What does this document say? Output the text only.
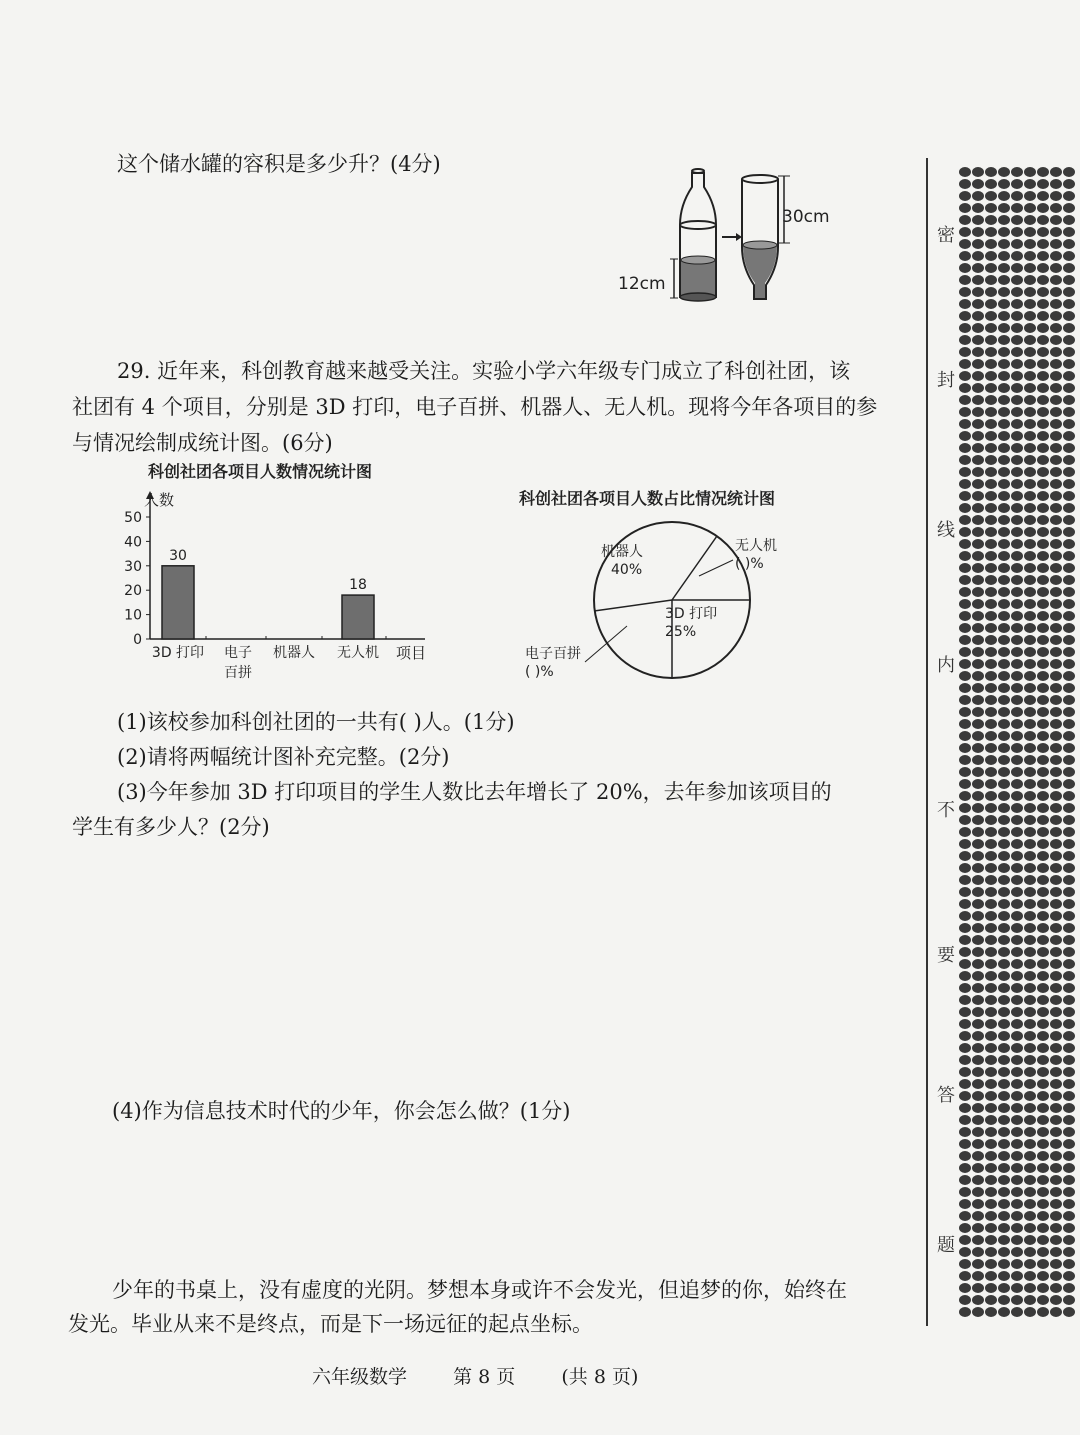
这个储水罐的容积是多少升？(4分)
12cm
30cm
29. 近年来，科创教育越来越受关注。实验小学六年级专门成立了科创社团，该
社团有 4 个项目，分别是 3D 打印，电子百拼、机器人、无人机。现将今年各项目的参
与情况绘制成统计图。(6分)
科创社团各项目人数情况统计图
人数
0
10
20
30
40
50
30
18
3D 打印 电子
百拼
机器人 无人机 项目
科创社团各项目人数占比情况统计图
机器人
40%
无人机
( )%
3D 打印
25%
电子百拼
( )%
(1)该校参加科创社团的一共有( )人。(1分)
(2)请将两幅统计图补充完整。(2分)
(3)今年参加 3D 打印项目的学生人数比去年增长了 20%，去年参加该项目的
学生有多少人？(2分)
(4)作为信息技术时代的少年，你会怎么做？(1分)
少年的书桌上，没有虚度的光阴。梦想本身或许不会发光，但追梦的你，始终在
发光。毕业从来不是终点，而是下一场远征的起点坐标。
六年级数学 第 8 页 (共 8 页)
密
封
线
内
不
要
答
题
